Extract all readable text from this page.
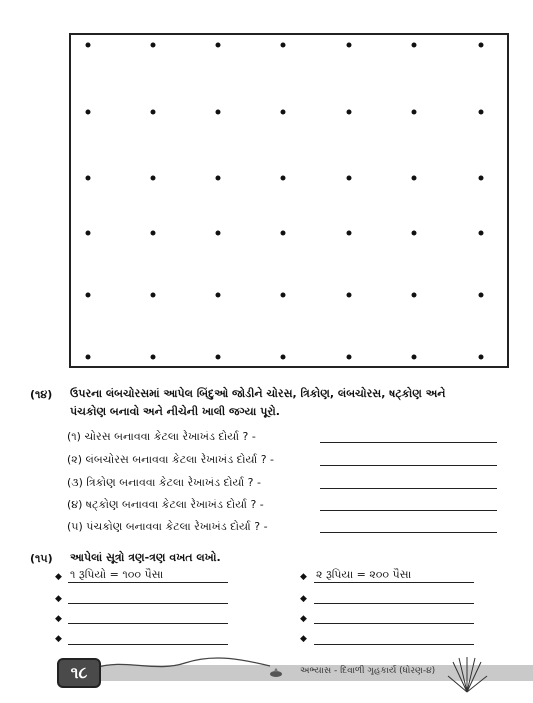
(૧૪) ઉપરના લંબચોરસમાં આપેલ બિંદુઓ જોડીને ચોરસ, ત્રિકોણ, લંબચોરસ, ષટ્કોણ અને
પંચકોણ બનાવો અને નીચેની ખાલી જગ્યા પૂરો.
(૧) ચોરસ બનાવવા કેટલા રેખાખંડ દોર્યા ? -
(૨) લંબચોરસ બનાવવા કેટલા રેખાખંડ દોર્યા ? -
(૩) ત્રિકોણ બનાવવા કેટલા રેખાખંડ દોર્યા ? -
(૪) ષટ્કોણ બનાવવા કેટલા રેખાખંડ દોર્યા ? -
(૫) પંચકોણ બનાવવા કેટલા રેખાખંડ દોર્યા ? -
(૧૫) આપેલાં સૂત્રો ત્રણ-ત્રણ વખત લખો.
◆ ૧ રૂપિયો = ૧૦૦ પૈસા
◆
◆
◆
◆ ૨ રૂપિયા = ૨૦૦ પૈસા
◆
◆
◆
અભ્યાસ - દિવાળી ગૃહકાર્ય (ધોરણ-૪)
૧૮
